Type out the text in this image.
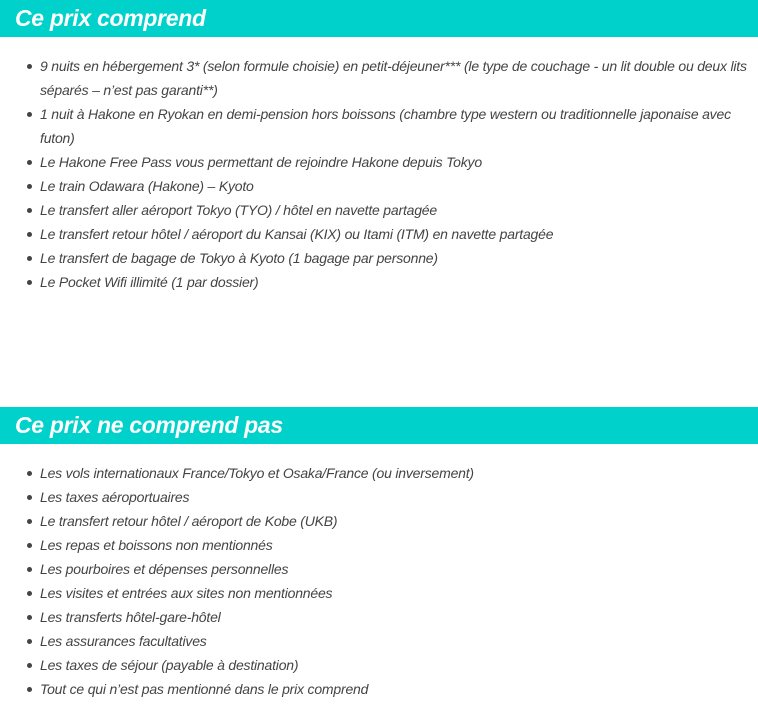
Ce prix comprend
9 nuits en hébergement 3* (selon formule choisie) en petit-déjeuner*** (le type de couchage - un lit double ou deux lits séparés – n’est pas garanti**)
1 nuit à Hakone en Ryokan en demi-pension hors boissons (chambre type western ou traditionnelle japonaise avec futon)
Le Hakone Free Pass vous permettant de rejoindre Hakone depuis Tokyo
Le train Odawara (Hakone) – Kyoto
Le transfert aller aéroport Tokyo (TYO) / hôtel en navette partagée
Le transfert retour hôtel / aéroport du Kansai (KIX) ou Itami (ITM) en navette partagée
Le transfert de bagage de Tokyo à Kyoto (1 bagage par personne)
Le Pocket Wifi illimité (1 par dossier)
Ce prix ne comprend pas
Les vols internationaux France/Tokyo et Osaka/France (ou inversement)
Les taxes aéroportuaires
Le transfert retour hôtel / aéroport de Kobe (UKB)
Les repas et boissons non mentionnés
Les pourboires et dépenses personnelles
Les visites et entrées aux sites non mentionnées
Les transferts hôtel-gare-hôtel
Les assurances facultatives
Les taxes de séjour (payable à destination)
Tout ce qui n’est pas mentionné dans le prix comprend
